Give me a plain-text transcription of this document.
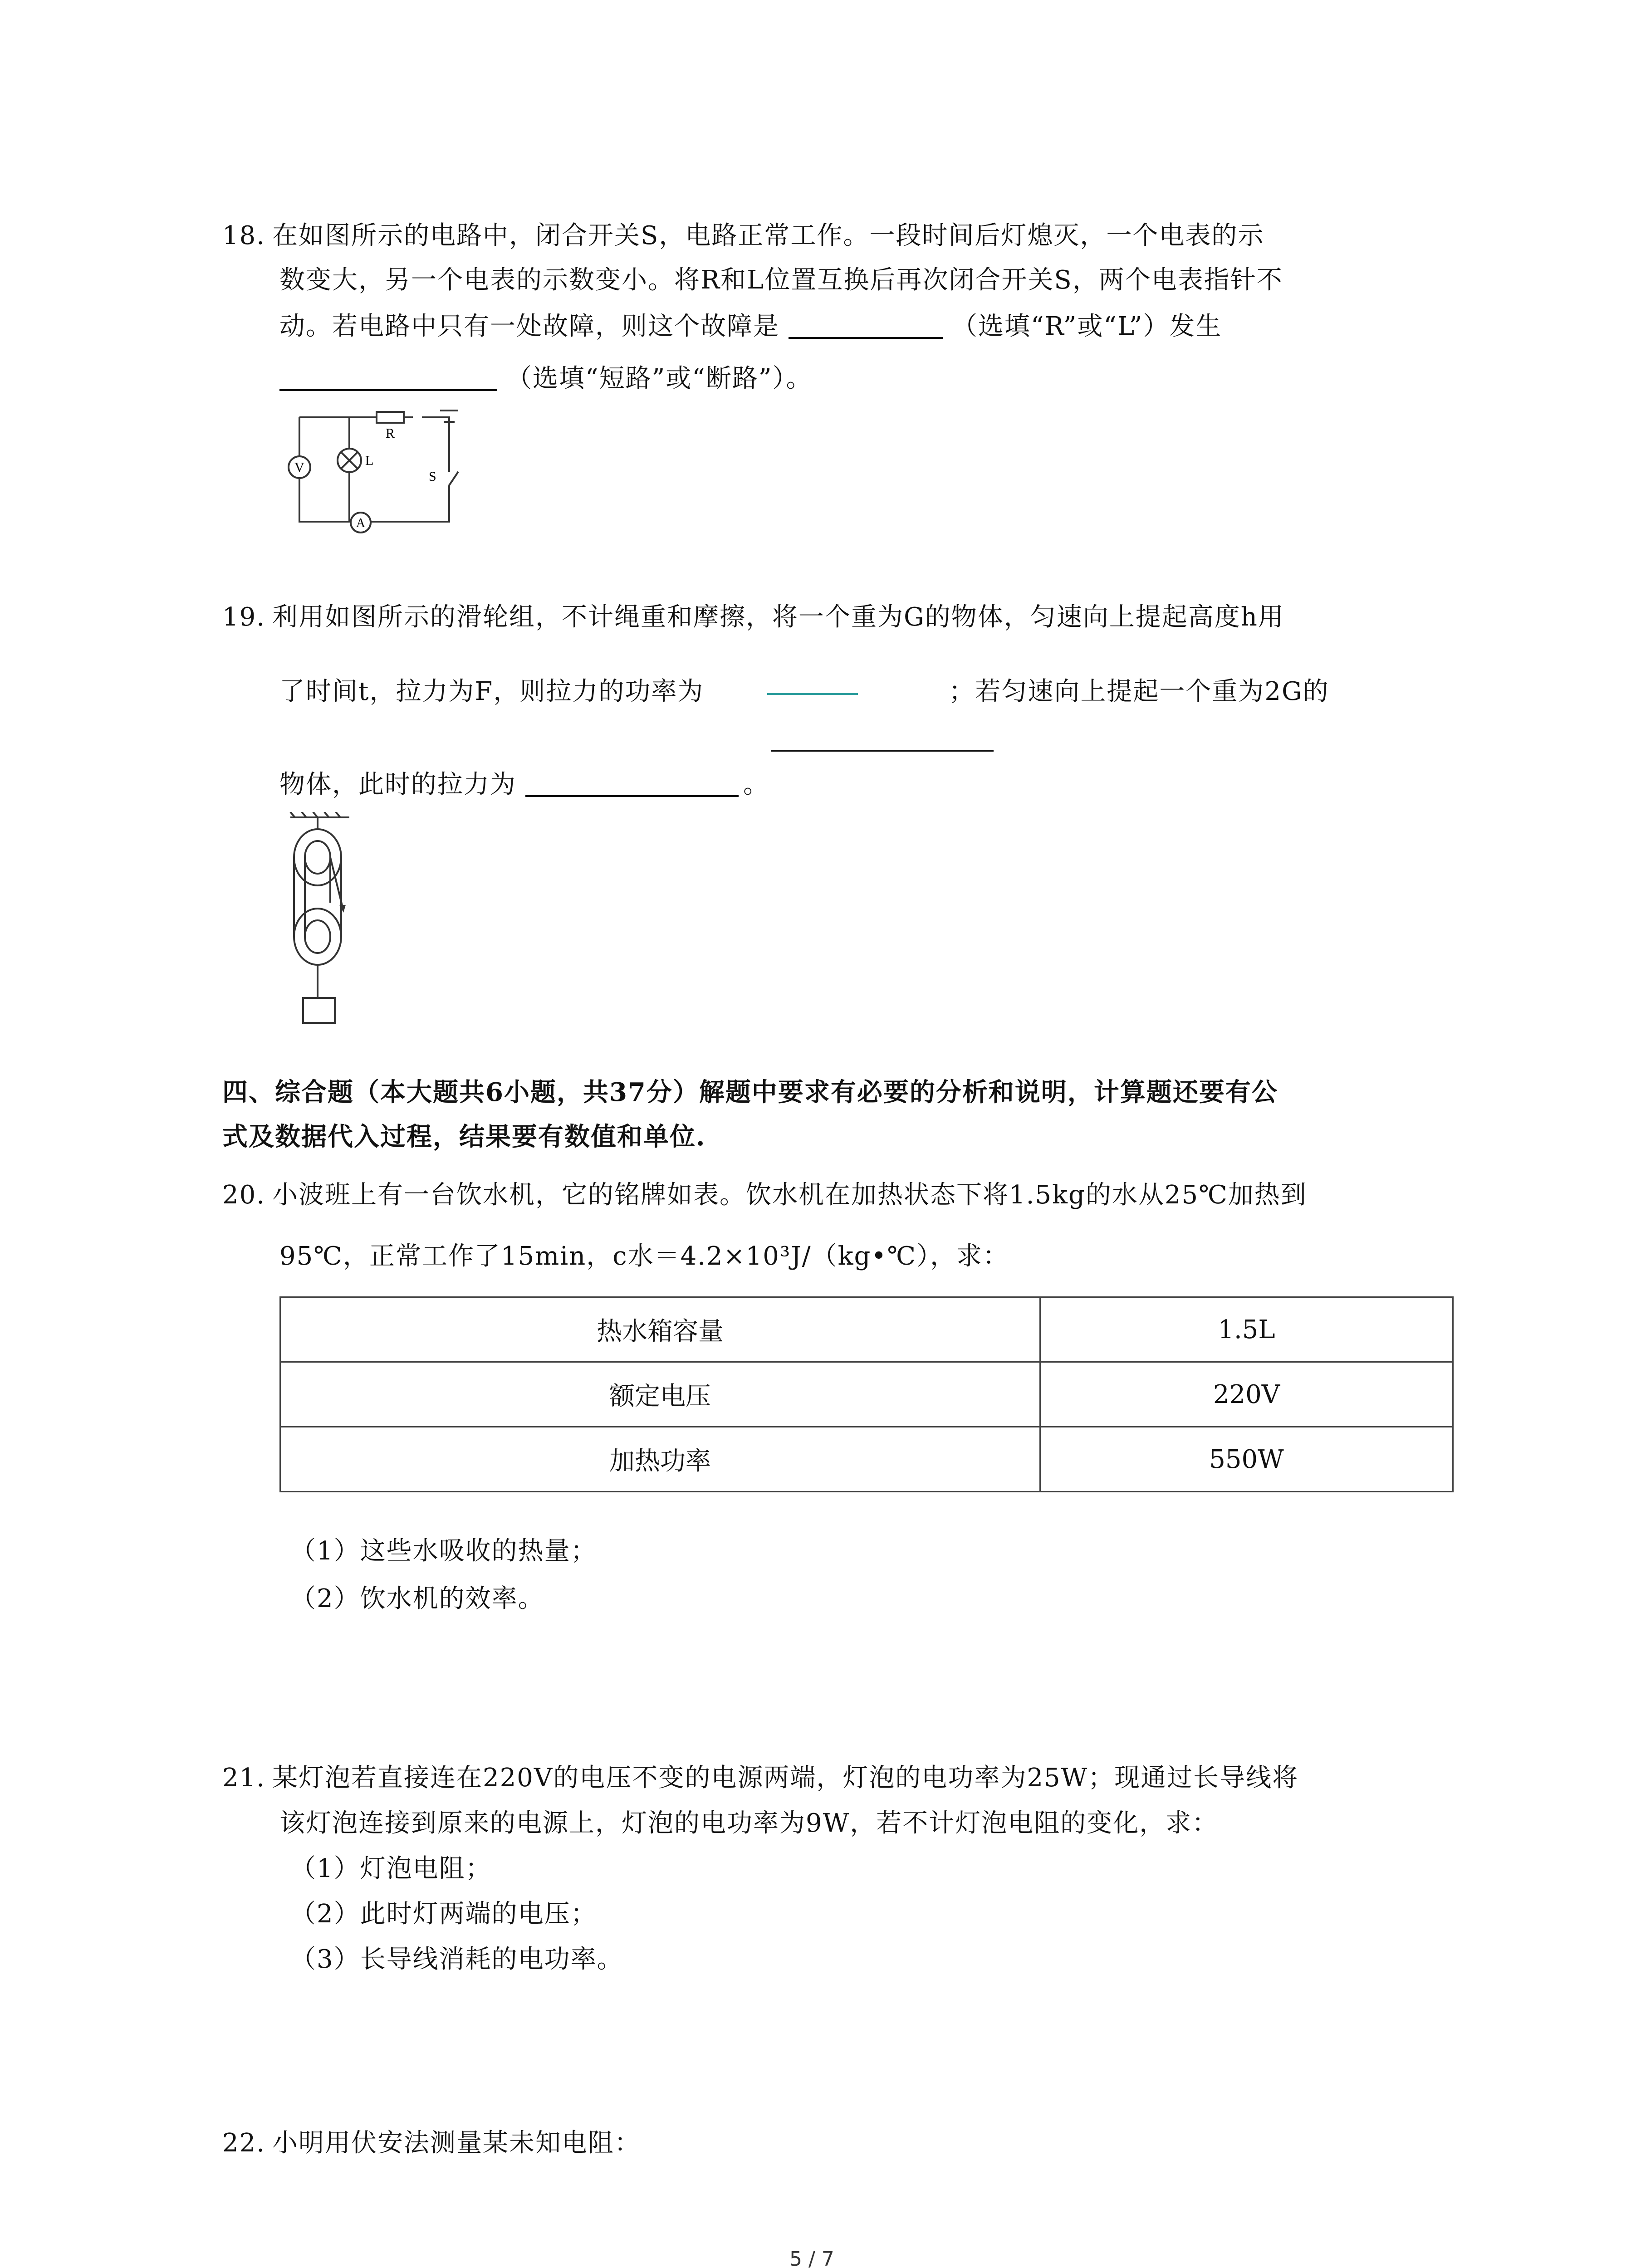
18. 在如图所示的电路中，闭合开关S，电路正常工作。一段时间后灯熄灭，一个电表的示
数变大，另一个电表的示数变小。将R和L位置互换后再次闭合开关S，两个电表指针不
动。若电路中只有一处故障，则这个故障是	（选填“R”或“L”）发生
（选填“短路”或“断路”）。
V	L
R
S
A
19. 利用如图所示的滑轮组，不计绳重和摩擦，将一个重为G的物体，匀速向上提起高度h用
了时间t，拉力为F，则拉力的功率为	；若匀速向上提起一个重为2G的
物体，此时的拉力为	。
四、综合题（本大题共6小题，共37分）解题中要求有必要的分析和说明，计算题还要有公
式及数据代入过程，结果要有数值和单位.
20. 小波班上有一台饮水机，它的铭牌如表。饮水机在加热状态下将1.5kg的水从25℃加热到
95℃，正常工作了15min，c水＝4.2×10³J/（kg•℃），求：
热水箱容量	1.5L
额定电压	220V
加热功率	550W
（1）这些水吸收的热量；
（2）饮水机的效率。
21. 某灯泡若直接连在220V的电压不变的电源两端，灯泡的电功率为25W；现通过长导线将
该灯泡连接到原来的电源上，灯泡的电功率为9W，若不计灯泡电阻的变化，求：
（1）灯泡电阻；
（2）此时灯两端的电压；
（3）长导线消耗的电功率。
22. 小明用伏安法测量某未知电阻：
5 / 7
